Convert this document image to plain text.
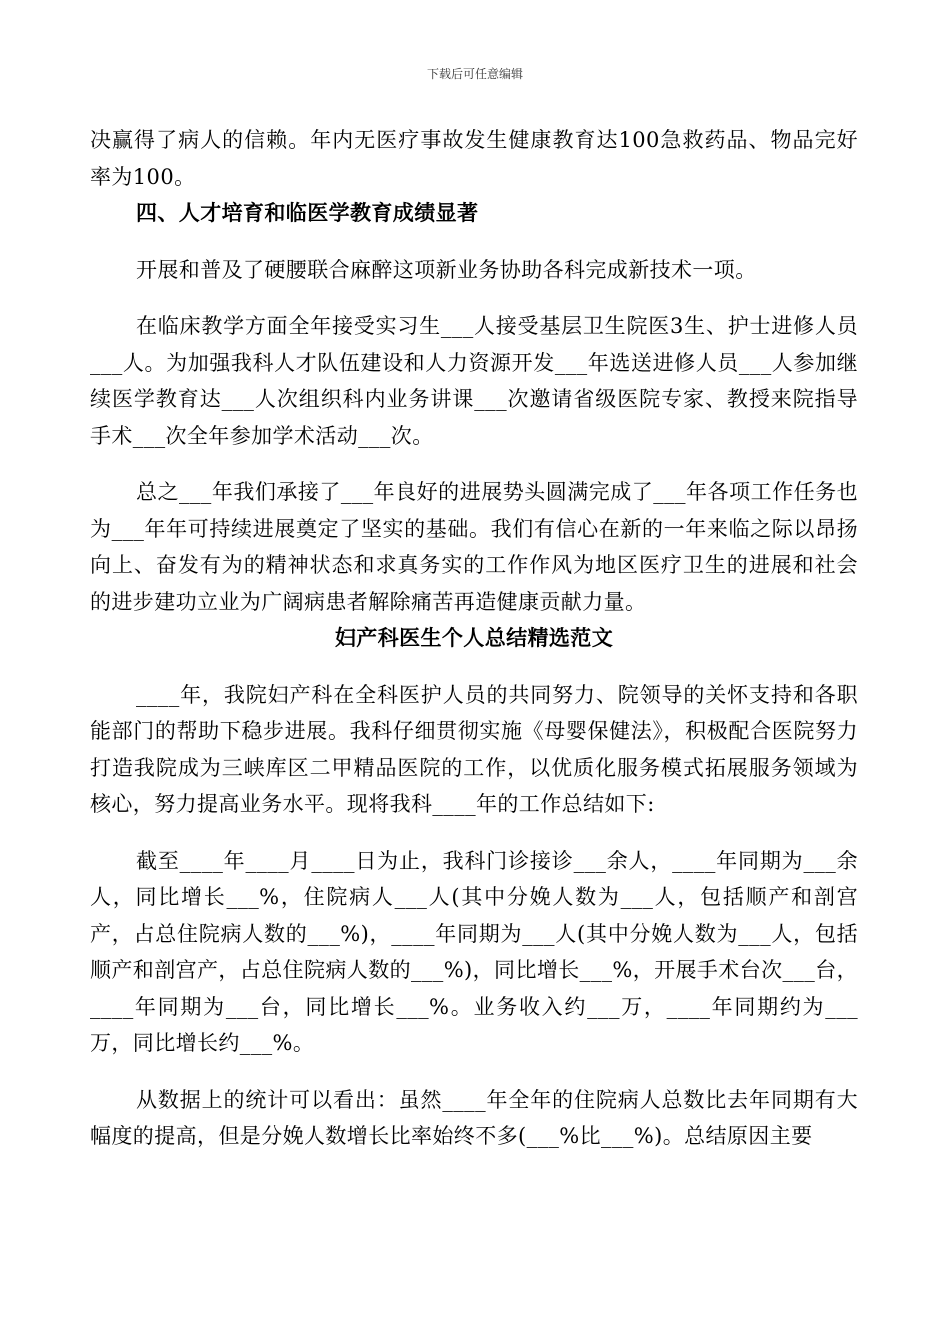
下载后可任意编辑

决赢得了病人的信赖。年内无医疗事故发生健康教育达100急救药品、物品完好率为100。

四、人才培育和临医学教育成绩显著

开展和普及了硬腰联合麻醉这项新业务协助各科完成新技术一项。

在临床教学方面全年接受实习生___人接受基层卫生院医3生、护士进修人员___人。为加强我科人才队伍建设和人力资源开发___年选送进修人员___人参加继续医学教育达___人次组织科内业务讲课___次邀请省级医院专家、教授来院指导手术___次全年参加学术活动___次。

总之___年我们承接了___年良好的进展势头圆满完成了___年各项工作任务也为___年年可持续进展奠定了坚实的基础。我们有信心在新的一年来临之际以昂扬向上、奋发有为的精神状态和求真务实的工作作风为地区医疗卫生的进展和社会的进步建功立业为广阔病患者解除痛苦再造健康贡献力量。

妇产科医生个人总结精选范文

____年，我院妇产科在全科医护人员的共同努力、院领导的关怀支持和各职能部门的帮助下稳步进展。我科仔细贯彻实施《母婴保健法》，积极配合医院努力打造我院成为三峡库区二甲精品医院的工作，以优质化服务模式拓展服务领域为核心，努力提高业务水平。现将我科____年的工作总结如下:

截至____年____月____日为止，我科门诊接诊___余人，____年同期为___余人，同比增长___%，住院病人___人(其中分娩人数为___人，包括顺产和剖宫产，占总住院病人数的___%)，____年同期为___人(其中分娩人数为___人，包括顺产和剖宫产，占总住院病人数的___%)，同比增长___%，开展手术台次___台，____年同期为___台，同比增长___%。业务收入约___万，____年同期约为___万，同比增长约___%。

从数据上的统计可以看出：虽然____年全年的住院病人总数比去年同期有大幅度的提高，但是分娩人数增长比率始终不多(___%比___%)。总结原因主要
